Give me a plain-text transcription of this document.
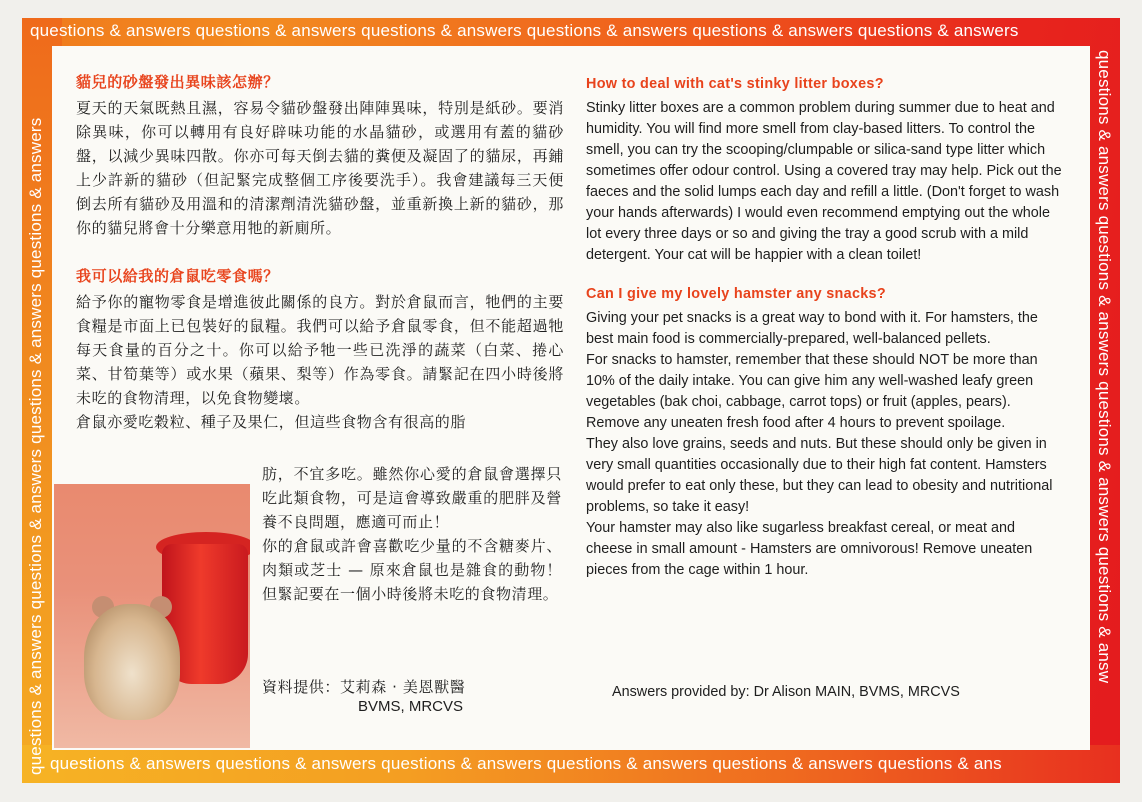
questions & answers questions & answers questions & answers questions & answers questions & answers questions & answers
questions & answers questions & answers questions & answers questions & answers questions & answers questions & ans
questions & answers questions & answers questions & answers questions & answers	questions & answers questions & answers questions & answers questions & answ

貓兒的砂盤發出異味該怎辦？

夏天的天氣既熱且濕，容易令貓砂盤發出陣陣異味，特別是紙砂。要消除異味，你可以轉用有良好辟味功能的水晶貓砂，或選用有蓋的貓砂盤，以減少異味四散。你亦可每天倒去貓的糞便及凝固了的貓尿，再鋪上少許新的貓砂（但記緊完成整個工序後要洗手）。我會建議每三天便倒去所有貓砂及用溫和的清潔劑清洗貓砂盤，並重新換上新的貓砂，那你的貓兒將會十分樂意用牠的新廁所。

我可以給我的倉鼠吃零食嗎？

給予你的寵物零食是增進彼此關係的良方。對於倉鼠而言，牠們的主要食糧是市面上已包裝好的鼠糧。我們可以給予倉鼠零食，但不能超過牠每天食量的百分之十。你可以給予牠一些已洗淨的蔬菜（白菜、捲心菜、甘筍葉等）或水果（蘋果、梨等）作為零食。請緊記在四小時後將未吃的食物清理，以免食物變壞。

倉鼠亦愛吃穀粒、種子及果仁，但這些食物含有很高的脂

肪，不宜多吃。雖然你心愛的倉鼠會選擇只吃此類食物，可是這會導致嚴重的肥胖及營養不良問題，應適可而止！

你的倉鼠或許會喜歡吃少量的不含糖麥片、肉類或芝士 — 原來倉鼠也是雜食的動物！但緊記要在一個小時後將未吃的食物清理。

資料提供：艾莉森 · 美恩獸醫
BVMS, MRCVS

How to deal with cat's stinky litter boxes?

Stinky litter boxes are a common problem during summer due to heat and humidity. You will find more smell from clay-based litters. To control the smell, you can try the scooping/clumpable or silica-sand type litter which sometimes offer odour control. Using a covered tray may help. Pick out the faeces and the solid lumps each day and refill a little. (Don't forget to wash your hands afterwards) I would even recommend emptying out the whole lot every three days or so and giving the tray a good scrub with a mild detergent. Your cat will be happier with a clean toilet!

Can I give my lovely hamster any snacks?

Giving your pet snacks is a great way to bond with it. For hamsters, the best main food is commercially-prepared, well-balanced pellets.

For snacks to hamster, remember that these should NOT be more than 10% of the daily intake. You can give him any well-washed leafy green vegetables (bak choi, cabbage, carrot tops) or fruit (apples, pears). Remove any uneaten fresh food after 4 hours to prevent spoilage.

They also love grains, seeds and nuts. But these should only be given in very small quantities occasionally due to their high fat content. Hamsters would prefer to eat only these, but they can lead to obesity and nutritional problems, so take it easy!

Your hamster may also like sugarless breakfast cereal, or meat and cheese in small amount - Hamsters are omnivorous! Remove uneaten pieces from the cage within 1 hour.

Answers provided by: Dr Alison MAIN, BVMS, MRCVS
